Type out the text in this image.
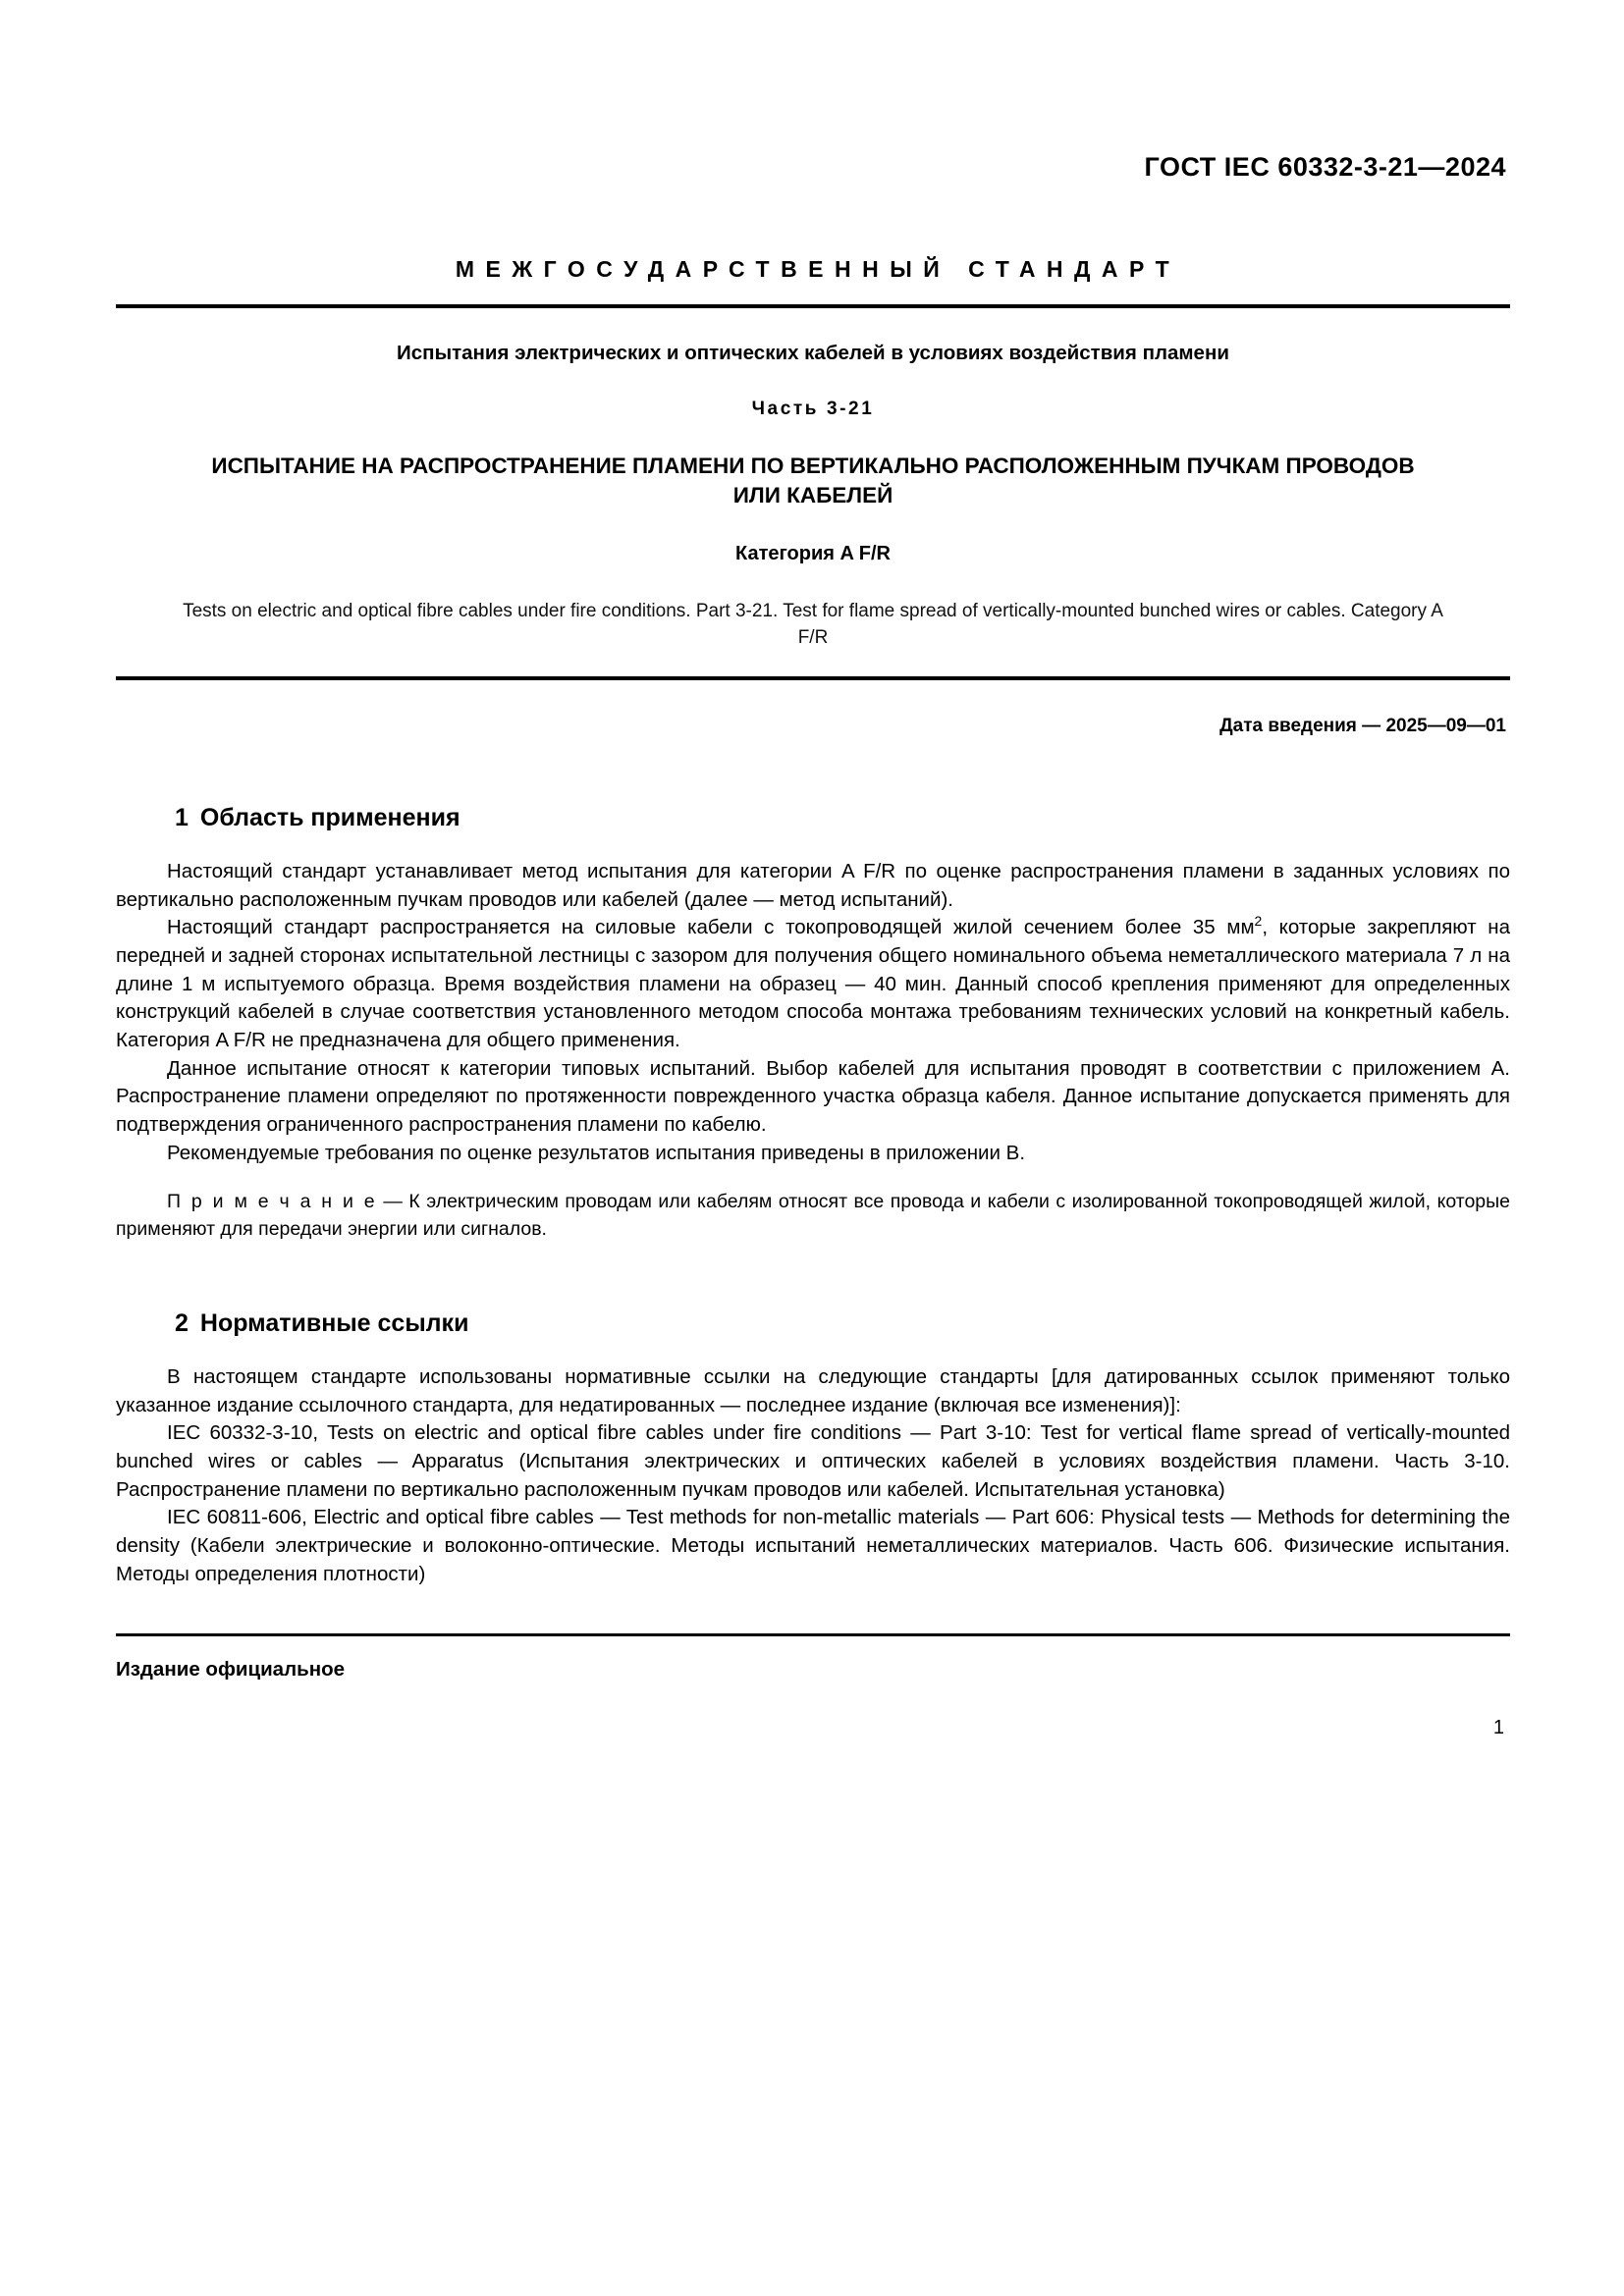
ГОСТ IEC 60332-3-21—2024
МЕЖГОСУДАРСТВЕННЫЙ СТАНДАРТ
Испытания электрических и оптических кабелей в условиях воздействия пламени
Часть 3-21
ИСПЫТАНИЕ НА РАСПРОСТРАНЕНИЕ ПЛАМЕНИ ПО ВЕРТИКАЛЬНО РАСПОЛОЖЕННЫМ ПУЧКАМ ПРОВОДОВ ИЛИ КАБЕЛЕЙ
Категория A F/R
Tests on electric and optical fibre cables under fire conditions. Part 3-21. Test for flame spread of vertically-mounted bunched wires or cables. Category A F/R
Дата введения — 2025—09—01
1 Область применения

Настоящий стандарт устанавливает метод испытания для категории A F/R по оценке распространения пламени в заданных условиях по вертикально расположенным пучкам проводов или кабелей (далее — метод испытаний).

Настоящий стандарт распространяется на силовые кабели с токопроводящей жилой сечением более 35 $мм^2$, которые закрепляют на передней и задней сторонах испытательной лестницы с зазором для получения общего номинального объема неметаллического материала 7 л на длине 1 м испытуемого образца. Время воздействия пламени на образец — 40 мин. Данный способ крепления применяют для определенных конструкций кабелей в случае соответствия установленного методом способа монтажа требованиям технических условий на конкретный кабель. Категория A F/R не предназначена для общего применения.

Данное испытание относят к категории типовых испытаний. Выбор кабелей для испытания проводят в соответствии с приложением A. Распространение пламени определяют по протяженности поврежденного участка образца кабеля. Данное испытание допускается применять для подтверждения ограниченного распространения пламени по кабелю.

Рекомендуемые требования по оценке результатов испытания приведены в приложении B.

П р и м е ч а н и е — К электрическим проводам или кабелям относят все провода и кабели с изолированной токопроводящей жилой, которые применяют для передачи энергии или сигналов.

2 Нормативные ссылки

В настоящем стандарте использованы нормативные ссылки на следующие стандарты [для датированных ссылок применяют только указанное издание ссылочного стандарта, для недатированных — последнее издание (включая все изменения)]:

IEC 60332-3-10, Tests on electric and optical fibre cables under fire conditions — Part 3-10: Test for vertical flame spread of vertically-mounted bunched wires or cables — Apparatus (Испытания электрических и оптических кабелей в условиях воздействия пламени. Часть 3-10. Распространение пламени по вертикально расположенным пучкам проводов или кабелей. Испытательная установка)

IEC 60811-606, Electric and optical fibre cables — Test methods for non-metallic materials — Part 606: Physical tests — Methods for determining the density (Кабели электрические и волоконно-оптические. Методы испытаний неметаллических материалов. Часть 606. Физические испытания. Методы определения плотности)

Издание официальное
1
